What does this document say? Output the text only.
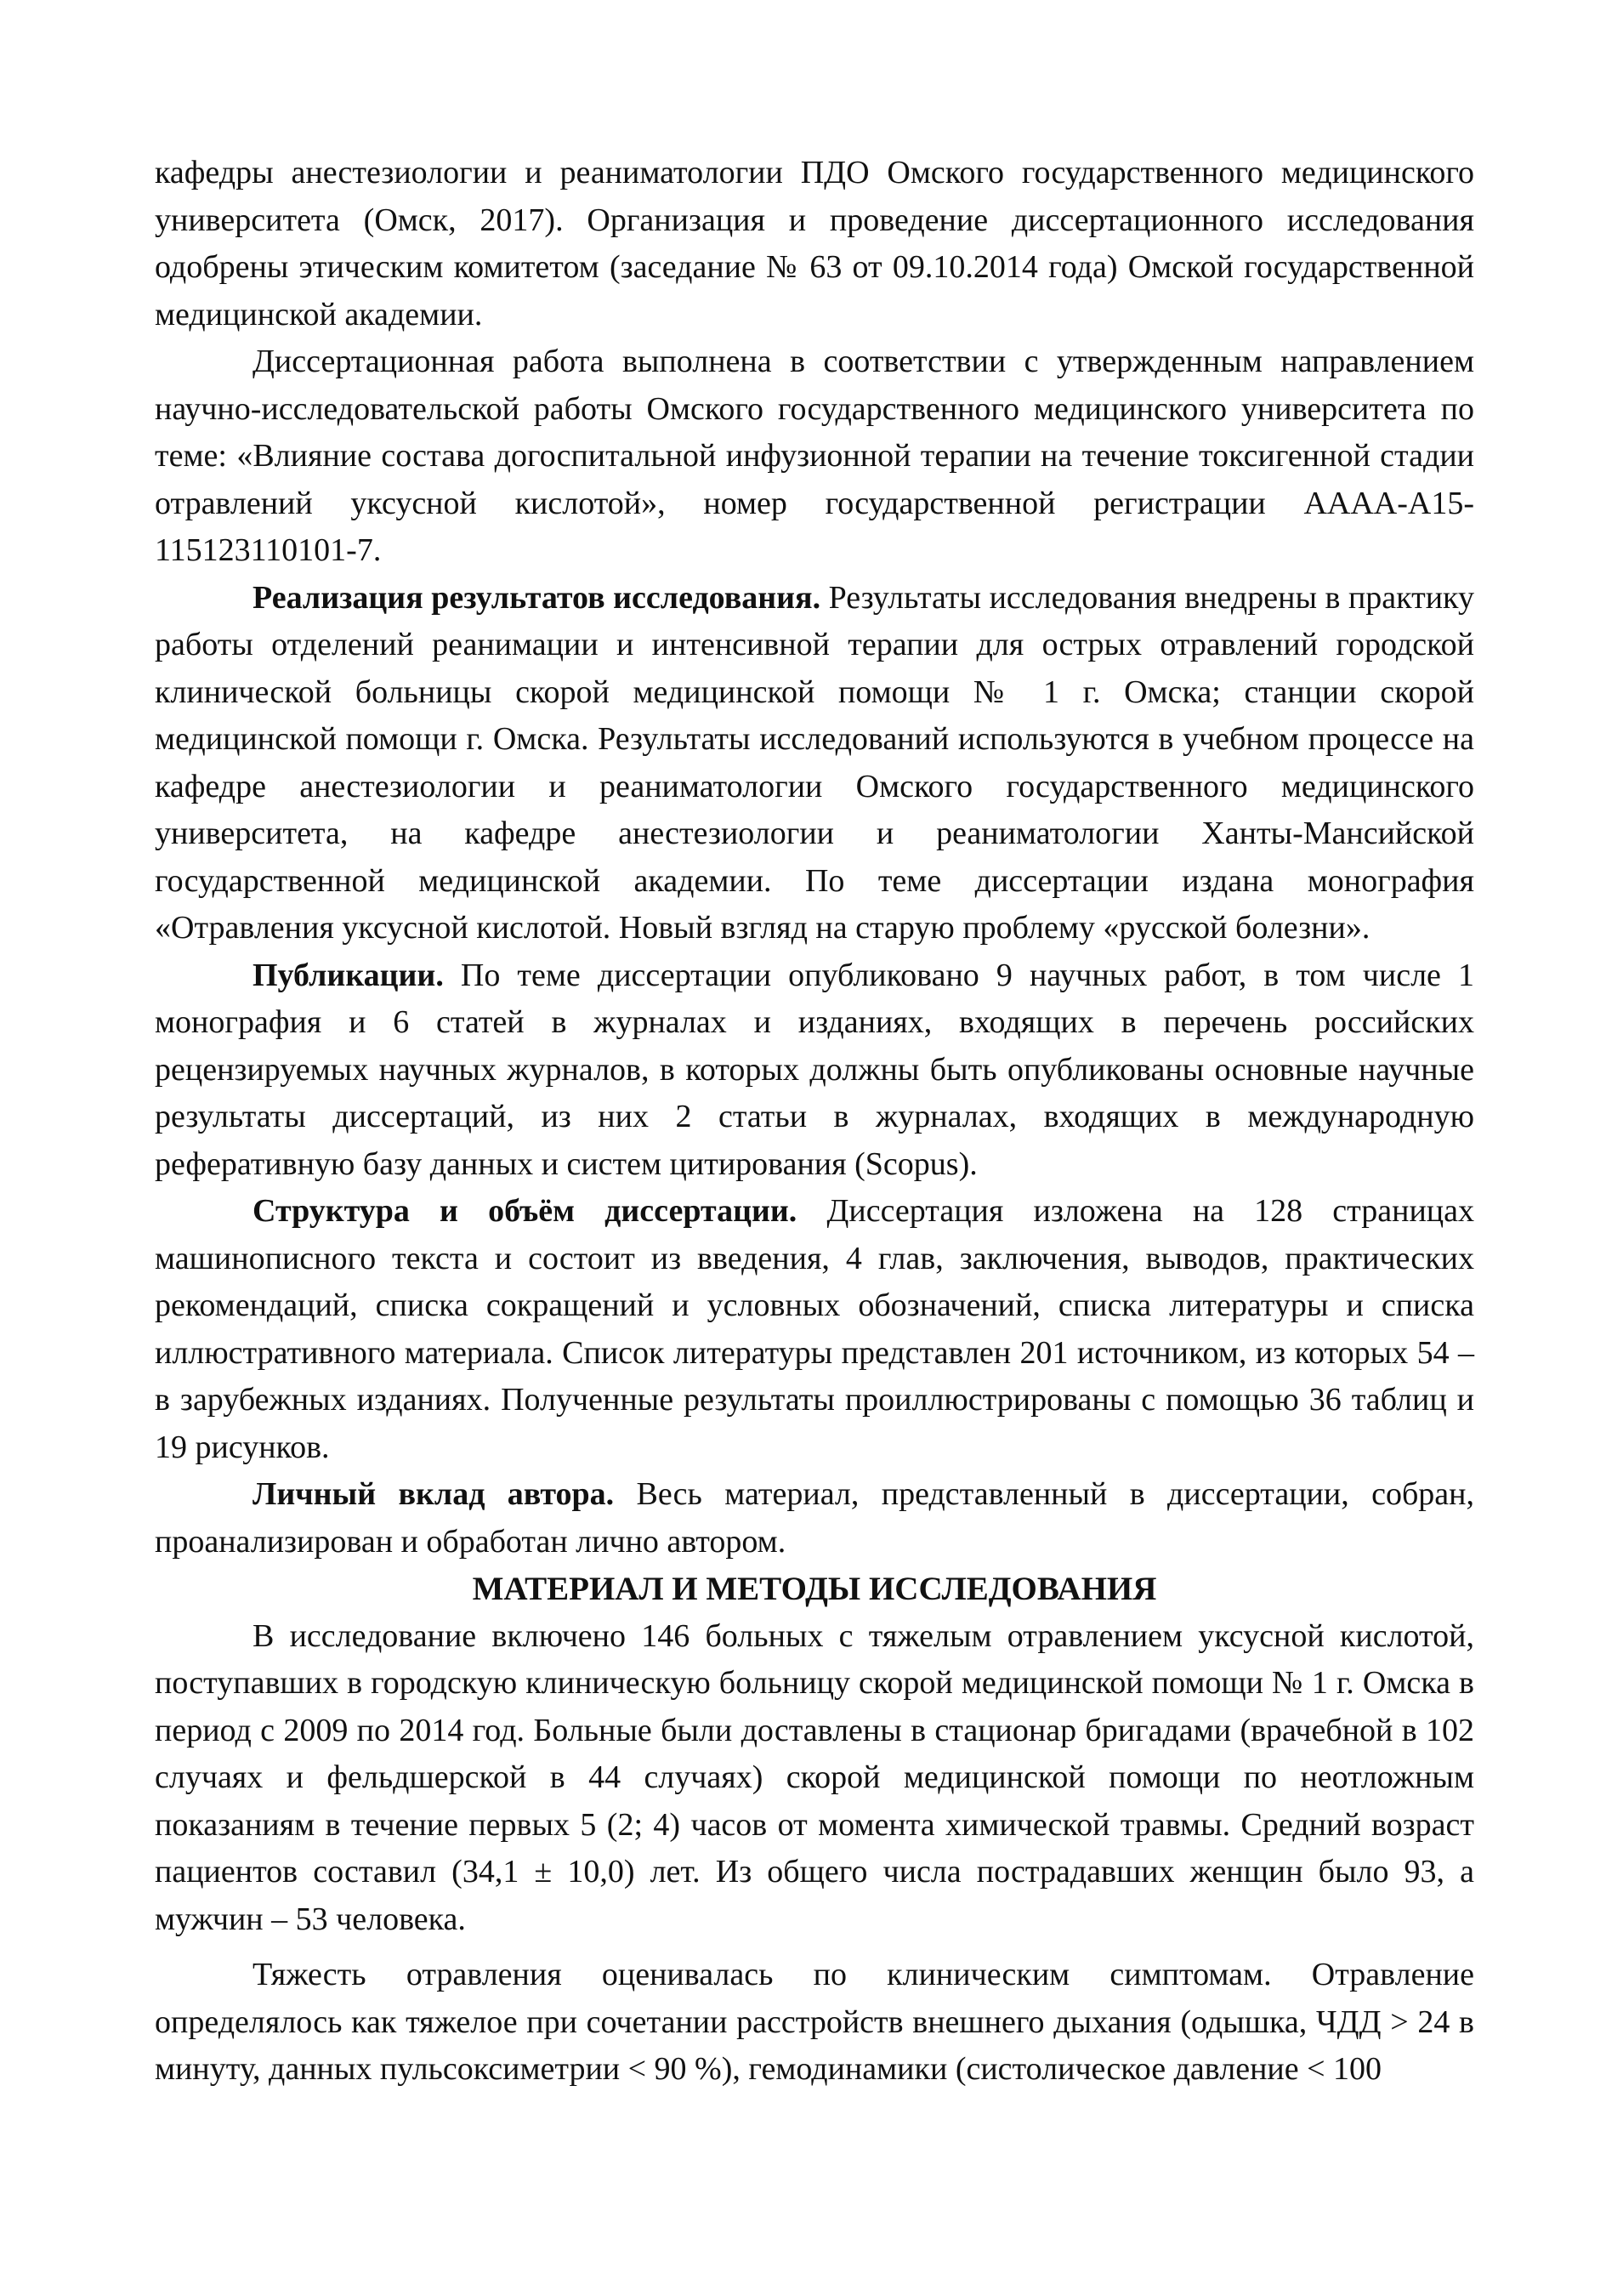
кафедры анестезиологии и реаниматологии ПДО Омского государственного медицинского университета (Омск, 2017). Организация и проведение диссертационного исследования одобрены этическим комитетом (заседание № 63 от 09.10.2014 года) Омской государственной медицинской академии.

Диссертационная работа выполнена в соответствии с утвержденным направлением научно-исследовательской работы Омского государственного медицинского университета по теме: «Влияние состава догоспитальной инфузионной терапии на течение токсигенной стадии отравлений уксусной кислотой», номер государственной регистрации АААА-А15-115123110101-7.

Реализация результатов исследования. Результаты исследования внедрены в практику работы отделений реанимации и интенсивной терапии для острых отравлений городской клинической больницы скорой медицинской помощи № 1 г. Омска; станции скорой медицинской помощи г. Омска. Результаты исследований используются в учебном процессе на кафедре анестезиологии и реаниматологии Омского государственного медицинского университета, на кафедре анестезиологии и реаниматологии Ханты-Мансийской государственной медицинской академии. По теме диссертации издана монография «Отравления уксусной кислотой. Новый взгляд на старую проблему «русской болезни».

Публикации. По теме диссертации опубликовано 9 научных работ, в том числе 1 монография и 6 статей в журналах и изданиях, входящих в перечень российских рецензируемых научных журналов, в которых должны быть опубликованы основные научные результаты диссертаций, из них 2 статьи в журналах, входящих в международную реферативную базу данных и систем цитирования (Scopus).

Структура и объём диссертации. Диссертация изложена на 128 страницах машинописного текста и состоит из введения, 4 глав, заключения, выводов, практических рекомендаций, списка сокращений и условных обозначений, списка литературы и списка иллюстративного материала. Список литературы представлен 201 источником, из которых 54 – в зарубежных изданиях. Полученные результаты проиллюстрированы с помощью 36 таблиц и 19 рисунков.

Личный вклад автора. Весь материал, представленный в диссертации, собран, проанализирован и обработан лично автором.

МАТЕРИАЛ И МЕТОДЫ ИССЛЕДОВАНИЯ

В исследование включено 146 больных с тяжелым отравлением уксусной кислотой, поступавших в городскую клиническую больницу скорой медицинской помощи № 1 г. Омска в период с 2009 по 2014 год. Больные были доставлены в стационар бригадами (врачебной в 102 случаях и фельдшерской в 44 случаях) скорой медицинской помощи по неотложным показаниям в течение первых 5 (2; 4) часов от момента химической травмы. Средний возраст пациентов составил (34,1 ± 10,0) лет. Из общего числа пострадавших женщин было 93, а мужчин – 53 человека.

Тяжесть отравления оценивалась по клиническим симптомам. Отравление определялось как тяжелое при сочетании расстройств внешнего дыхания (одышка, ЧДД > 24 в минуту, данных пульсоксиметрии < 90 %), гемодинамики (систолическое давление < 100
